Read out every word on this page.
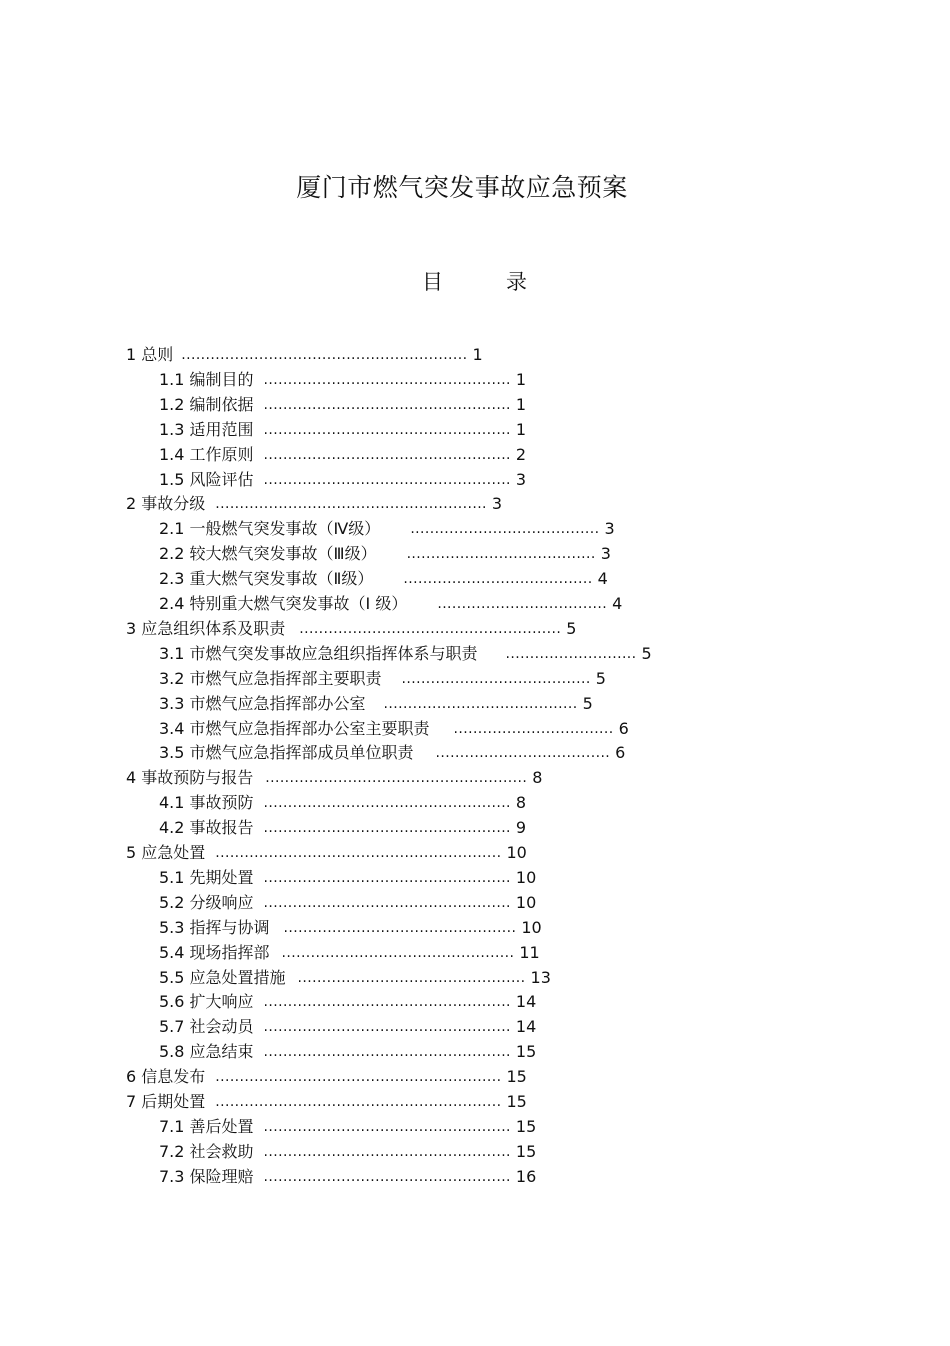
厦门市燃气突发事故应急预案
目	录
1 总则 ........................................................... 1
1.1 编制目的 ................................................... 1
1.2 编制依据 ................................................... 1
1.3 适用范围 ................................................... 1
1.4 工作原则 ................................................... 2
1.5 风险评估 ................................................... 3
2 事故分级 ........................................................ 3
2.1 一般燃气突发事故（Ⅳ级） ....................................... 3
2.2 较大燃气突发事故（Ⅲ级） ....................................... 3
2.3 重大燃气突发事故（Ⅱ级） ....................................... 4
2.4 特别重大燃气突发事故（Ⅰ 级） ................................... 4
3 应急组织体系及职责 ...................................................... 5
3.1 市燃气突发事故应急组织指挥体系与职责 ........................... 5
3.2 市燃气应急指挥部主要职责 ....................................... 5
3.3 市燃气应急指挥部办公室 ........................................ 5
3.4 市燃气应急指挥部办公室主要职责 ................................. 6
3.5 市燃气应急指挥部成员单位职责 .................................... 6
4 事故预防与报告 ...................................................... 8
4.1 事故预防 ................................................... 8
4.2 事故报告 ................................................... 9
5 应急处置 ........................................................... 10
5.1 先期处置 ................................................... 10
5.2 分级响应 ................................................... 10
5.3 指挥与协调 ................................................ 10
5.4 现场指挥部 ................................................ 11
5.5 应急处置措施 ............................................... 13
5.6 扩大响应 ................................................... 14
5.7 社会动员 ................................................... 14
5.8 应急结束 ................................................... 15
6 信息发布 ........................................................... 15
7 后期处置 ........................................................... 15
7.1 善后处置 ................................................... 15
7.2 社会救助 ................................................... 15
7.3 保险理赔 ................................................... 16
